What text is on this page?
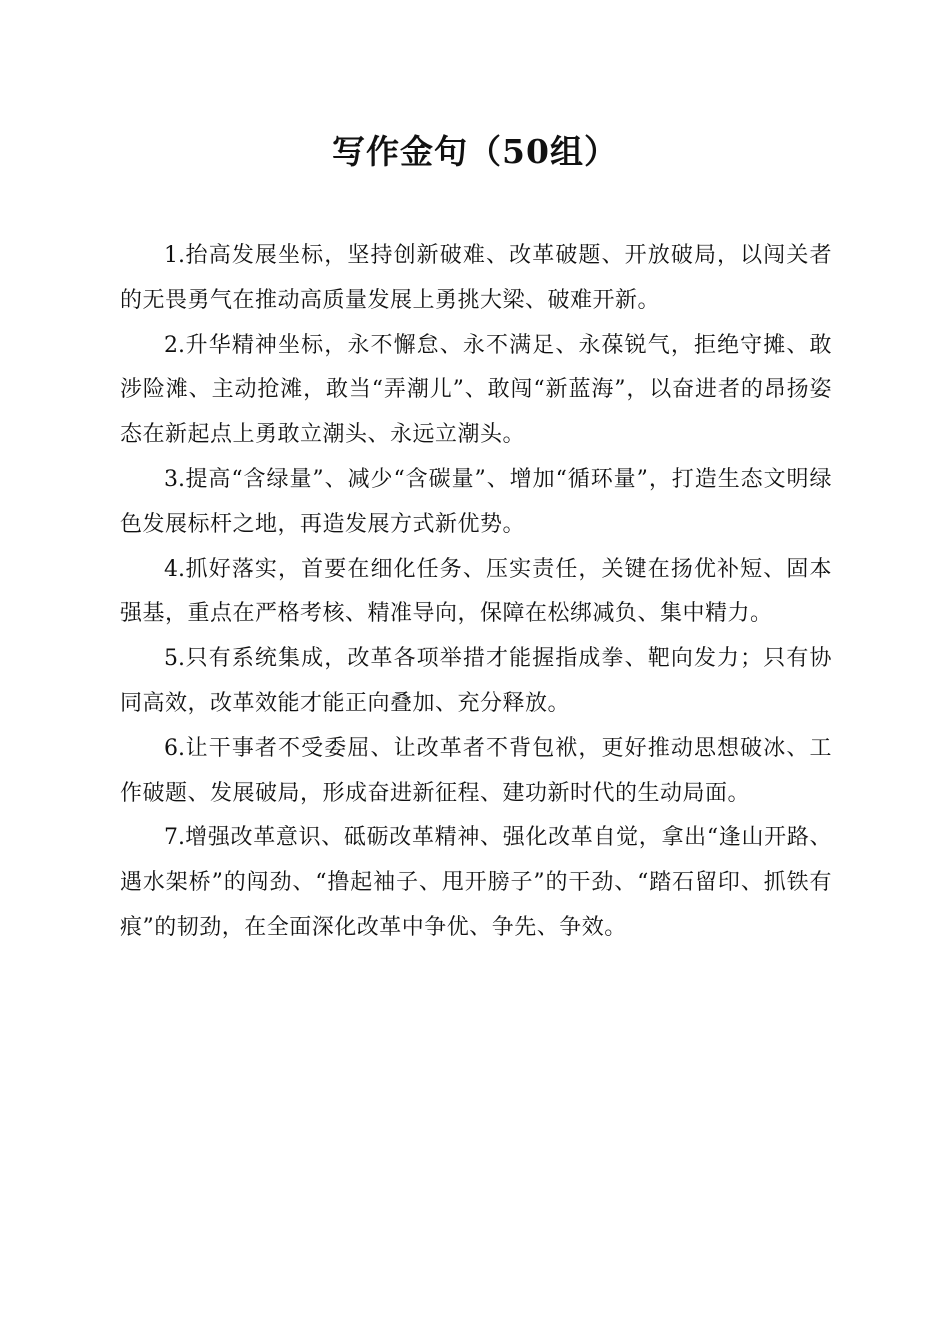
写作金句（50组）

1.抬高发展坐标，坚持创新破难、改革破题、开放破局，以闯关者的无畏勇气在推动高质量发展上勇挑大梁、破难开新。

2.升华精神坐标，永不懈怠、永不满足、永葆锐气，拒绝守摊、敢涉险滩、主动抢滩，敢当“弄潮儿”、敢闯“新蓝海”，以奋进者的昂扬姿态在新起点上勇敢立潮头、永远立潮头。

3.提高“含绿量”、减少“含碳量”、增加“循环量”，打造生态文明绿色发展标杆之地，再造发展方式新优势。

4.抓好落实，首要在细化任务、压实责任，关键在扬优补短、固本强基，重点在严格考核、精准导向，保障在松绑减负、集中精力。

5.只有系统集成，改革各项举措才能握指成拳、靶向发力；只有协同高效，改革效能才能正向叠加、充分释放。

6.让干事者不受委屈、让改革者不背包袱，更好推动思想破冰、工作破题、发展破局，形成奋进新征程、建功新时代的生动局面。

7.增强改革意识、砥砺改革精神、强化改革自觉，拿出“逢山开路、遇水架桥”的闯劲、“撸起袖子、甩开膀子”的干劲、“踏石留印、抓铁有痕”的韧劲，在全面深化改革中争优、争先、争效。
